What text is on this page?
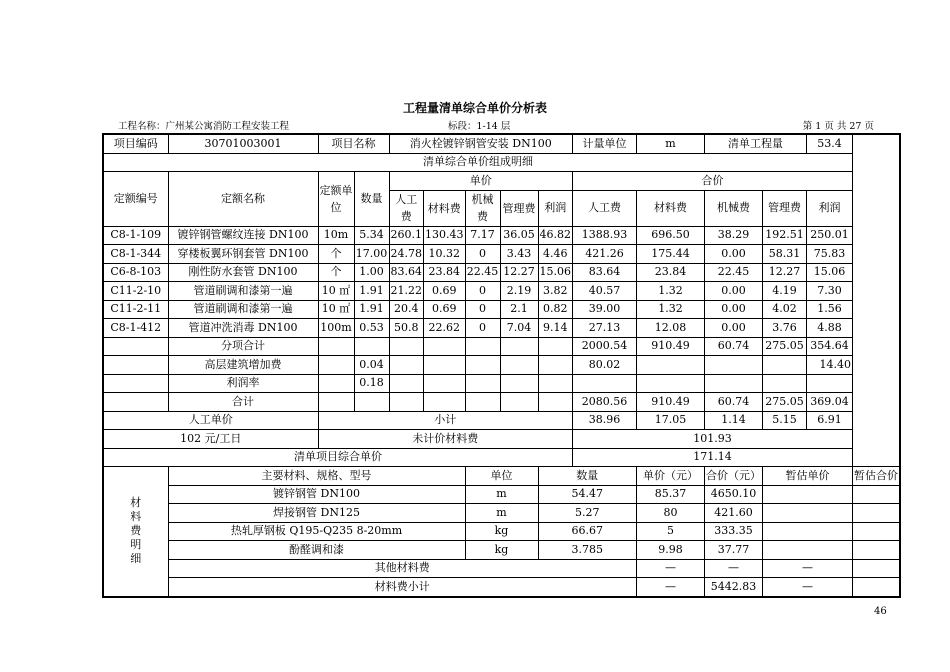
工程量清单综合单价分析表
工程名称：广州某公寓消防工程安装工程	标段：1-14 层	第 1 页 共 27 页
项目编码	30701003001	项目名称		消火栓镀锌钢管安装 DN100					计量单位	m	清单工程量		53.4	
清单综合单价组成明细														
定额编号	定额名称	定额单位	数量	单价					合价					
				人工费	材料费	机械费	管理费	利润	人工费	材料费	机械费	管理费	利润	
C8-1-109	镀锌钢管螺纹连接 DN100	10m	5.34	260.1	130.43	7.17	36.05	46.82	1388.93	696.50	38.29	192.51	250.01	
C8-1-344	穿楼板翼环钢套管 DN100	个	17.00	24.78	10.32	0	3.43	4.46	421.26	175.44	0.00	58.31	75.83	
C6-8-103	刚性防水套管 DN100	个	1.00	83.64	23.84	22.45	12.27	15.06	83.64	23.84	22.45	12.27	15.06	
C11-2-10	管道刷调和漆第一遍	10 ㎡	1.91	21.22	0.69	0	2.19	3.82	40.57	1.32	0.00	4.19	7.30	
C11-2-11	管道刷调和漆第一遍	10 ㎡	1.91	20.4	0.69	0	2.1	0.82	39.00	1.32	0.00	4.02	1.56	
C8-1-412	管道冲洗消毒 DN100	100m	0.53	50.8	22.62	0	7.04	9.14	27.13	12.08	0.00	3.76	4.88	
	分项合计								2000.54	910.49	60.74	275.05	354.64	
	高层建筑增加费		0.04						80.02				14.40	
	利润率		0.18											
	合计								2080.56	910.49	60.74	275.05	369.04	
人工单价		小计							38.96	17.05	1.14	5.15	6.91	
102 元/工日		未计价材料费							101.93					
清单项目综合单价									171.14					
材
料
费
明
细	主要材料、规格、型号					单位		数量		单价（元）	合价（元）	暂估单价		暂估合价
	镀锌钢管 DN100					m		54.47		85.37	4650.10			
	焊接钢管 DN125					m		5.27		80	421.60			
	热轧厚钢板 Q195-Q235 8-20mm					kg		66.67		5	333.35			
	酚醛调和漆					kg		3.785		9.98	37.77			
	其他材料费									—	—	—		
	材料费小计									—	5442.83	—		
46
